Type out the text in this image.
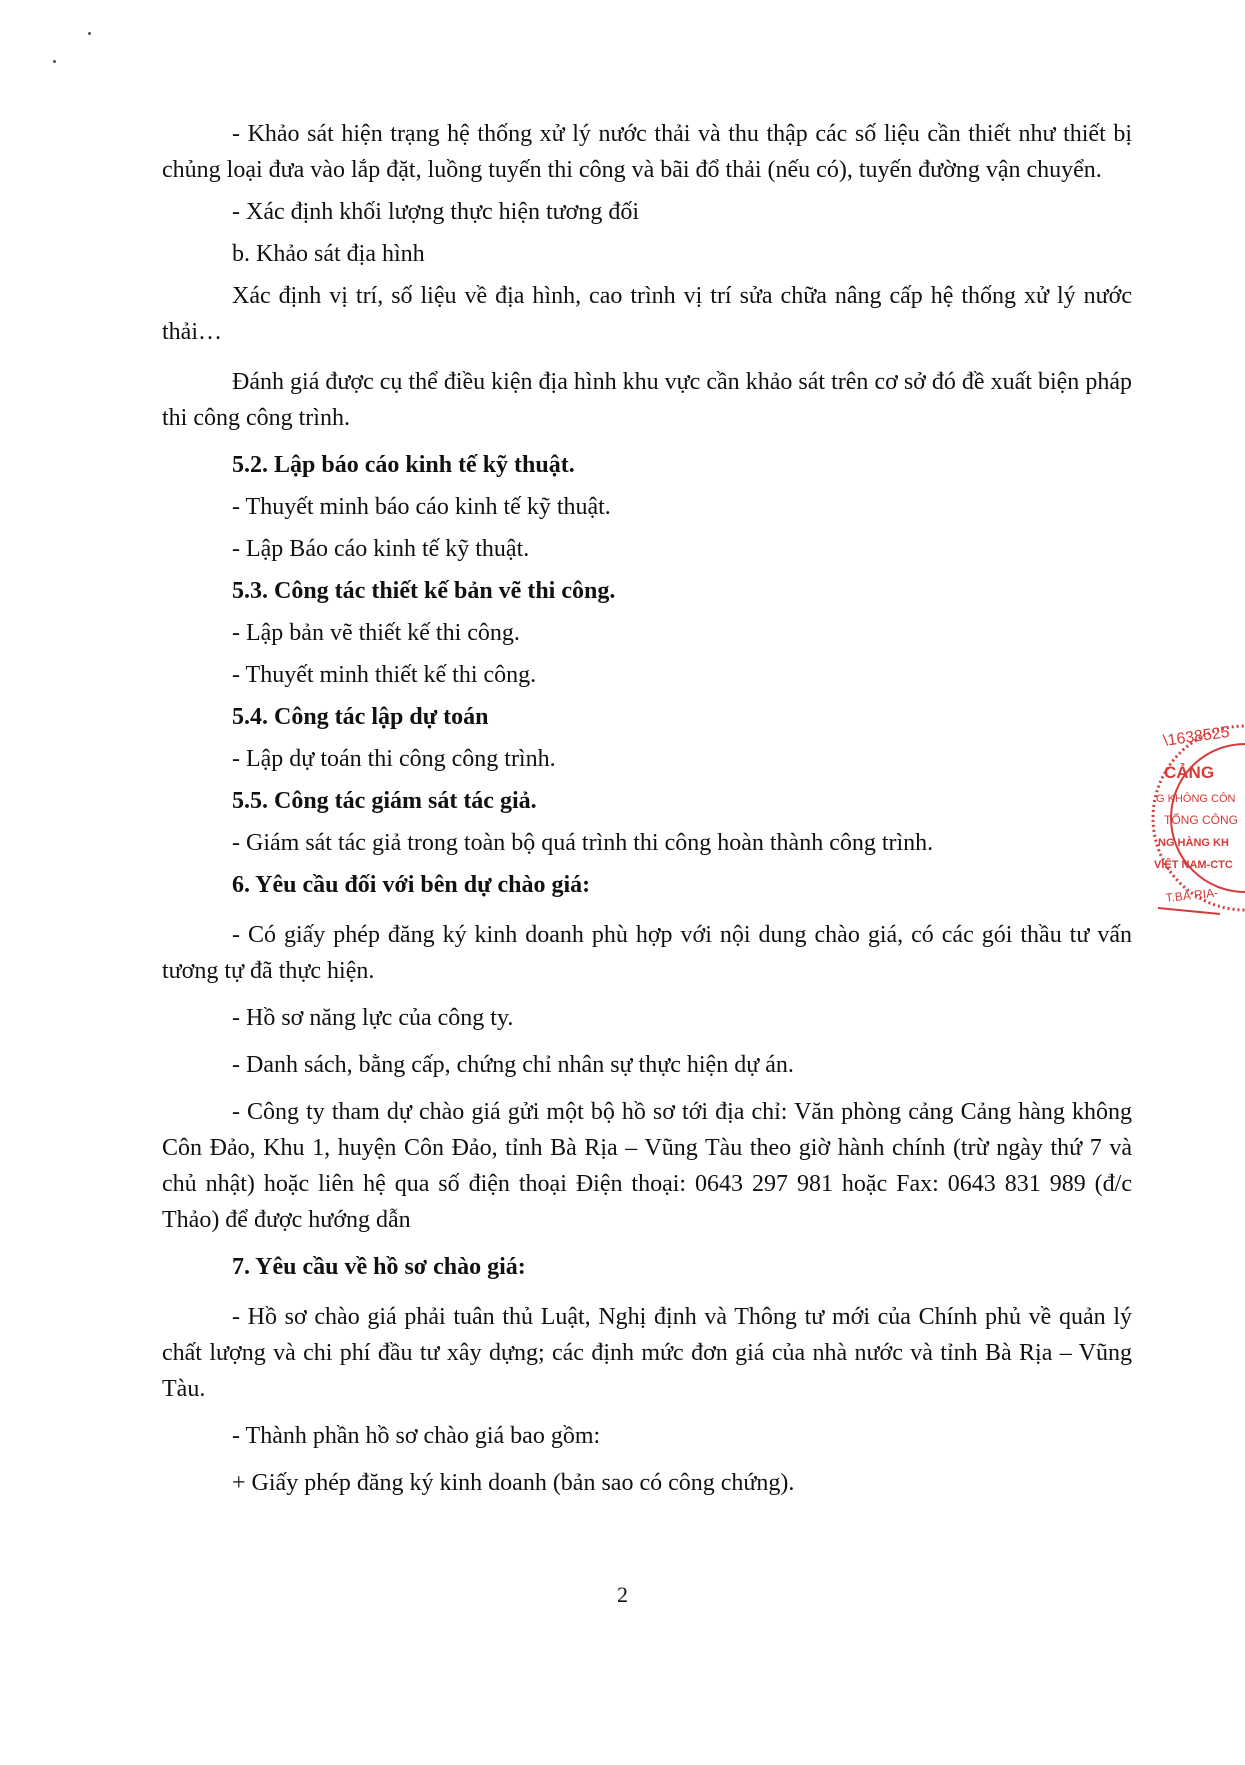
- Khảo sát hiện trạng hệ thống xử lý nước thải và thu thập các số liệu cần thiết như thiết bị chủng loại đưa vào lắp đặt, luồng tuyến thi công và bãi đổ thải (nếu có), tuyến đường vận chuyển.

- Xác định khối lượng thực hiện tương đối

b. Khảo sát địa hình

Xác định vị trí, số liệu về địa hình, cao trình vị trí sửa chữa nâng cấp hệ thống xử lý nước thải…

Đánh giá được cụ thể điều kiện địa hình khu vực cần khảo sát trên cơ sở đó đề xuất biện pháp thi công công trình.

5.2. Lập báo cáo kinh tế kỹ thuật.

- Thuyết minh báo cáo kinh tế kỹ thuật.

- Lập Báo cáo kinh tế kỹ thuật.

5.3. Công tác thiết kế bản vẽ thi công.

- Lập bản vẽ thiết kế thi công.

- Thuyết minh thiết kế thi công.

5.4. Công tác lập dự toán

- Lập dự toán thi công công trình.

5.5. Công tác giám sát tác giả.

- Giám sát tác giả trong toàn bộ quá trình thi công hoàn thành công trình.

6. Yêu cầu đối với bên dự chào giá:

- Có giấy phép đăng ký kinh doanh phù hợp với nội dung chào giá, có các gói thầu tư vấn tương tự đã thực hiện.

- Hồ sơ năng lực của công ty.

- Danh sách, bằng cấp, chứng chỉ nhân sự thực hiện dự án.

- Công ty tham dự chào giá gửi một bộ hồ sơ tới địa chỉ: Văn phòng cảng Cảng hàng không Côn Đảo, Khu 1, huyện Côn Đảo, tỉnh Bà Rịa – Vũng Tàu theo giờ hành chính (trừ ngày thứ 7 và chủ nhật) hoặc liên hệ qua số điện thoại Điện thoại: 0643 297 981 hoặc Fax: 0643 831 989 (đ/c Thảo) để được hướng dẫn

7. Yêu cầu về hồ sơ chào giá:

- Hồ sơ chào giá phải tuân thủ Luật, Nghị định và Thông tư mới của Chính phủ về quản lý chất lượng và chi phí đầu tư xây dựng; các định mức đơn giá của nhà nước và tỉnh Bà Rịa – Vũng Tàu.

- Thành phần hồ sơ chào giá bao gồm:

+ Giấy phép đăng ký kinh doanh (bản sao có công chứng).

2
\1638525
CẢNG
G KHÔNG CÔN
TỔNG CÔNG
NG HÀNG KH
VIỆT NAM-CTC
T.BÀ RỊA-
